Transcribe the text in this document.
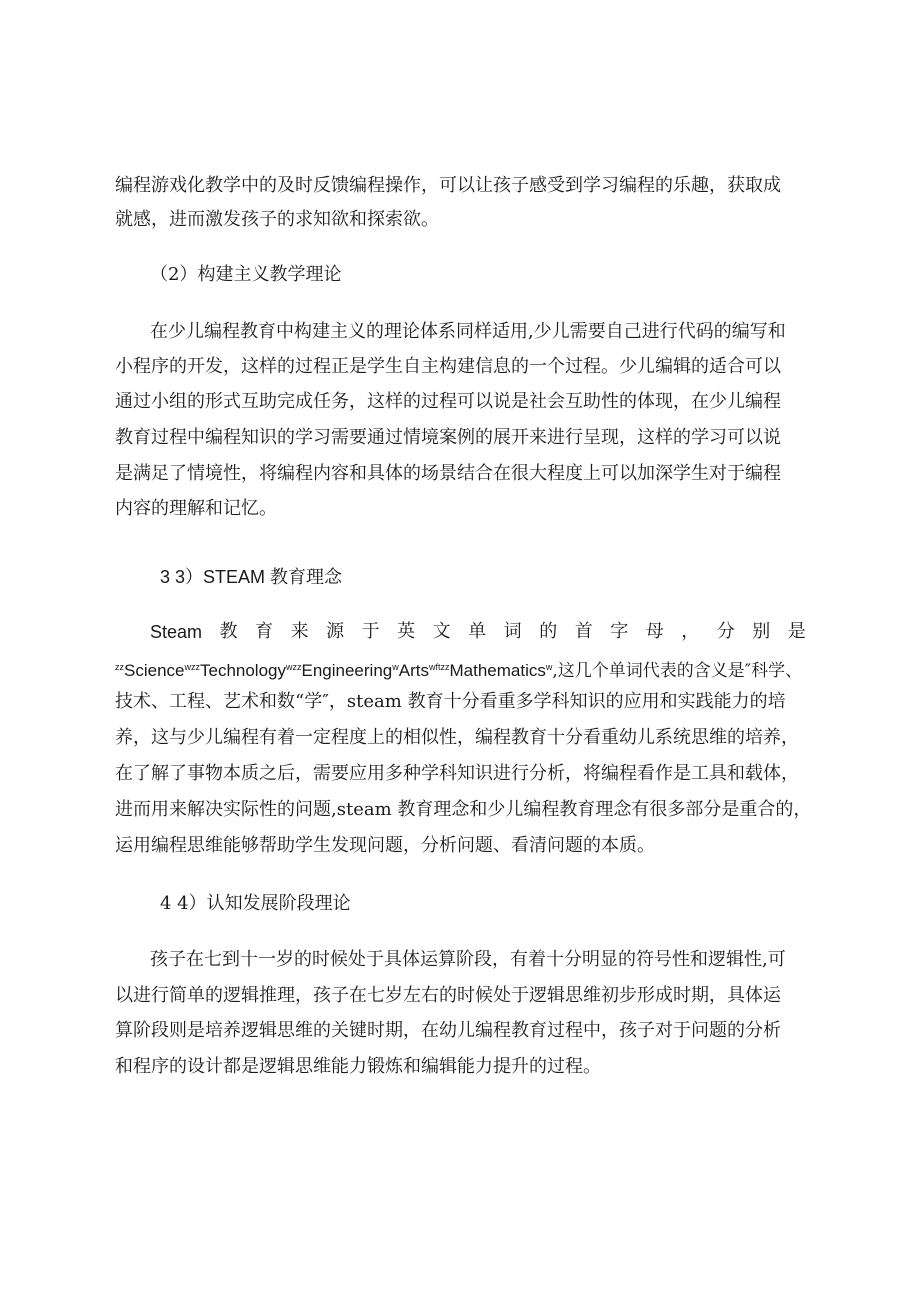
编程游戏化教学中的及时反馈编程操作，可以让孩子感受到学习编程的乐趣，获取成
就感，进而激发孩子的求知欲和探索欲。
（2）构建主义教学理论
在少儿编程教育中构建主义的理论体系同样适用,少儿需要自己进行代码的编写和
小程序的开发，这样的过程正是学生自主构建信息的一个过程。少儿编辑的适合可以
通过小组的形式互助完成任务，这样的过程可以说是社会互助性的体现，在少儿编程
教育过程中编程知识的学习需要通过情境案例的展开来进行呈现，这样的学习可以说
是满足了情境性，将编程内容和具体的场景结合在很大程度上可以加深学生对于编程
内容的理解和记忆。
3 3）STEAM 教育理念
Steam 教 育 来 源 于 英 文 单 词 的 首 字 母 ， 分 别 是
$^{zz}$Science$^{wzz}$Technology$^{wzz}$Engineering$^w$Arts$^{wftzz}$Mathematics$^w$,这几个单词代表的含义是″科学、
技术、工程、艺术和数“学″，steam 教育十分看重多学科知识的应用和实践能力的培
养，这与少儿编程有着一定程度上的相似性，编程教育十分看重幼儿系统思维的培养，
在了解了事物本质之后，需要应用多种学科知识进行分析，将编程看作是工具和载体，
进而用来解决实际性的问题,steam 教育理念和少儿编程教育理念有很多部分是重合的，
运用编程思维能够帮助学生发现问题，分析问题、看清问题的本质。
4 4）认知发展阶段理论
孩子在七到十一岁的时候处于具体运算阶段，有着十分明显的符号性和逻辑性,可
以进行简单的逻辑推理，孩子在七岁左右的时候处于逻辑思维初步形成时期，具体运
算阶段则是培养逻辑思维的关键时期，在幼儿编程教育过程中，孩子对于问题的分析
和程序的设计都是逻辑思维能力锻炼和编辑能力提升的过程。
